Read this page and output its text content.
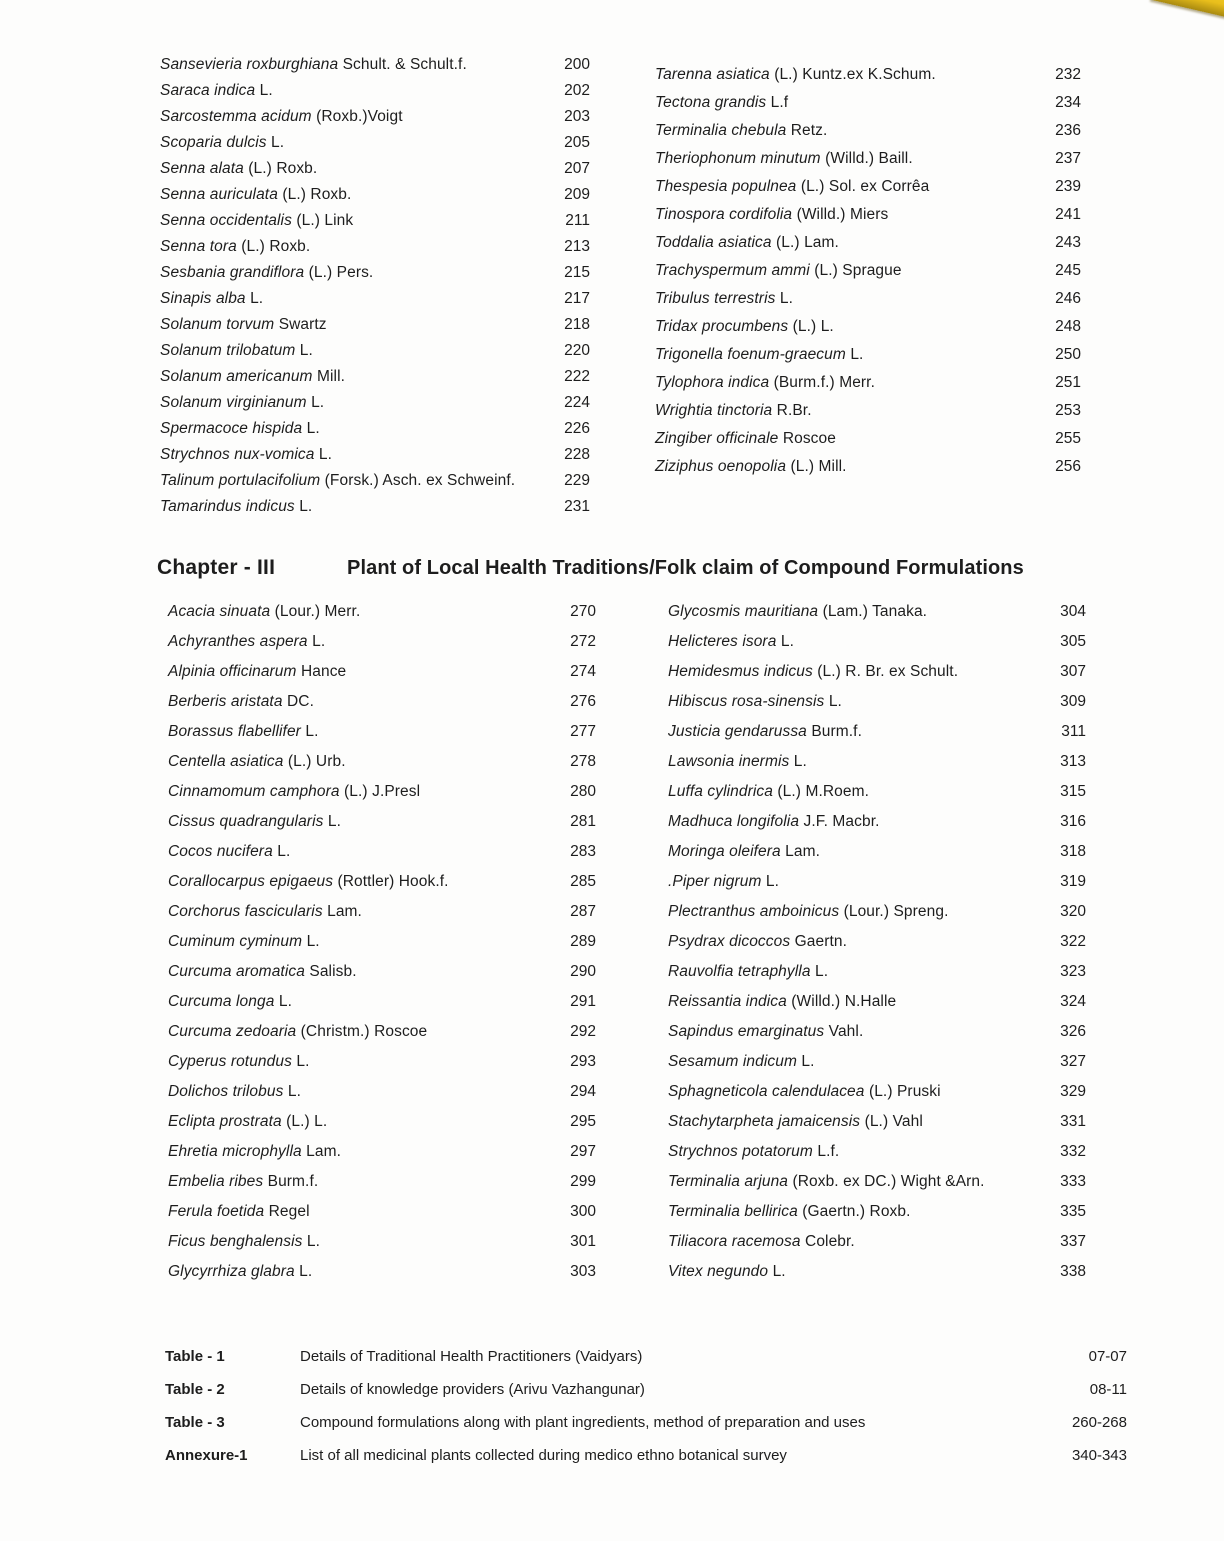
Sansevieria roxburghiana Schult. & Schult.f.	200
Saraca indica L.	202
Sarcostemma acidum (Roxb.)Voigt	203
Scoparia dulcis L.	205
Senna alata (L.) Roxb.	207
Senna auriculata (L.) Roxb.	209
Senna occidentalis (L.) Link	211
Senna tora (L.) Roxb.	213
Sesbania grandiflora (L.) Pers.	215
Sinapis alba L.	217
Solanum torvum Swartz	218
Solanum trilobatum L.	220
Solanum americanum Mill.	222
Solanum virginianum L.	224
Spermacoce hispida L.	226
Strychnos nux-vomica L.	228
Talinum portulacifolium (Forsk.) Asch. ex Schweinf.	229
Tamarindus indicus L.	231
Tarenna asiatica (L.) Kuntz.ex K.Schum.	232
Tectona grandis L.f	234
Terminalia chebula Retz.	236
Theriophonum minutum (Willd.) Baill.	237
Thespesia populnea (L.) Sol. ex Corrêa	239
Tinospora cordifolia (Willd.) Miers	241
Toddalia asiatica (L.) Lam.	243
Trachyspermum ammi (L.) Sprague	245
Tribulus terrestris L.	246
Tridax procumbens (L.) L.	248
Trigonella foenum-graecum L.	250
Tylophora indica (Burm.f.) Merr.	251
Wrightia tinctoria R.Br.	253
Zingiber officinale Roscoe	255
Ziziphus oenopolia (L.) Mill.	256
Chapter - III	Plant of Local Health Traditions/Folk claim of Compound Formulations
Acacia sinuata (Lour.) Merr.	270
Achyranthes aspera L.	272
Alpinia officinarum Hance	274
Berberis aristata DC.	276
Borassus flabellifer L.	277
Centella asiatica (L.) Urb.	278
Cinnamomum camphora (L.) J.Presl	280
Cissus quadrangularis L.	281
Cocos nucifera L.	283
Corallocarpus epigaeus (Rottler) Hook.f.	285
Corchorus fascicularis Lam.	287
Cuminum cyminum L.	289
Curcuma aromatica Salisb.	290
Curcuma longa L.	291
Curcuma zedoaria (Christm.) Roscoe	292
Cyperus rotundus L.	293
Dolichos trilobus L.	294
Eclipta prostrata (L.) L.	295
Ehretia microphylla Lam.	297
Embelia ribes Burm.f.	299
Ferula foetida Regel	300
Ficus benghalensis L.	301
Glycyrrhiza glabra L.	303
Glycosmis mauritiana (Lam.) Tanaka.	304
Helicteres isora L.	305
Hemidesmus indicus (L.) R. Br. ex Schult.	307
Hibiscus rosa-sinensis L.	309
Justicia gendarussa Burm.f.	311
Lawsonia inermis L.	313
Luffa cylindrica (L.) M.Roem.	315
Madhuca longifolia J.F. Macbr.	316
Moringa oleifera Lam.	318
.Piper nigrum L.	319
Plectranthus amboinicus (Lour.) Spreng.	320
Psydrax dicoccos Gaertn.	322
Rauvolfia tetraphylla L.	323
Reissantia indica (Willd.) N.Halle	324
Sapindus emarginatus Vahl.	326
Sesamum indicum L.	327
Sphagneticola calendulacea (L.) Pruski	329
Stachytarpheta jamaicensis (L.) Vahl	331
Strychnos potatorum L.f.	332
Terminalia arjuna (Roxb. ex DC.) Wight &Arn.	333
Terminalia bellirica (Gaertn.) Roxb.	335
Tiliacora racemosa Colebr.	337
Vitex negundo L.	338
Table - 1	Details of Traditional Health Practitioners (Vaidyars)	07-07
Table - 2	Details of knowledge providers (Arivu Vazhangunar)	08-11
Table - 3	Compound formulations along with plant ingredients, method of preparation and uses	260-268
Annexure-1	List of all medicinal plants collected during medico ethno botanical survey	340-343
